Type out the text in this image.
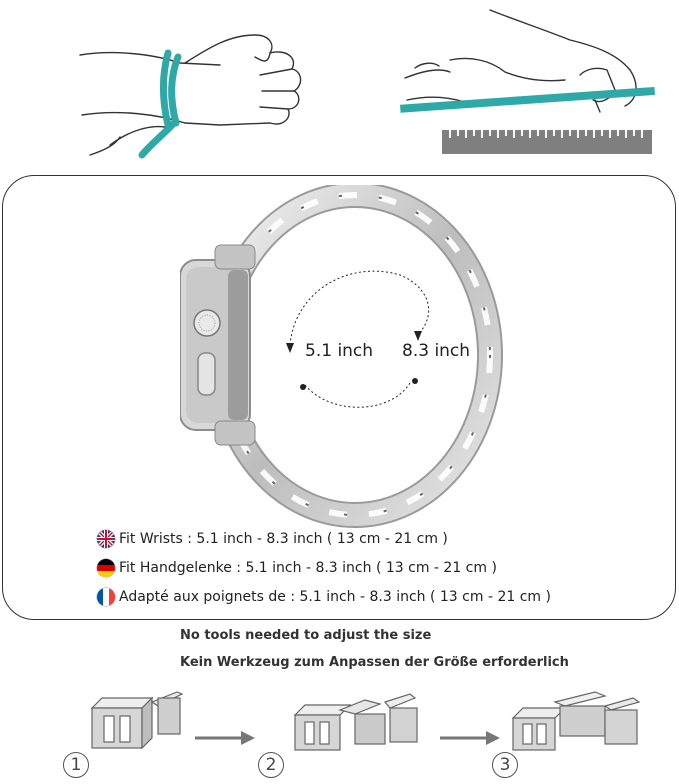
5.1 inch 8.3 inch
Fit Wrists : 5.1 inch - 8.3 inch ( 13 cm - 21 cm )
Fit Handgelenke : 5.1 inch - 8.3 inch ( 13 cm - 21 cm )
Adapté aux poignets de : 5.1 inch - 8.3 inch ( 13 cm - 21 cm )
No tools needed to adjust the size
Kein Werkzeug zum Anpassen der Größe erforderlich
1	2	3
